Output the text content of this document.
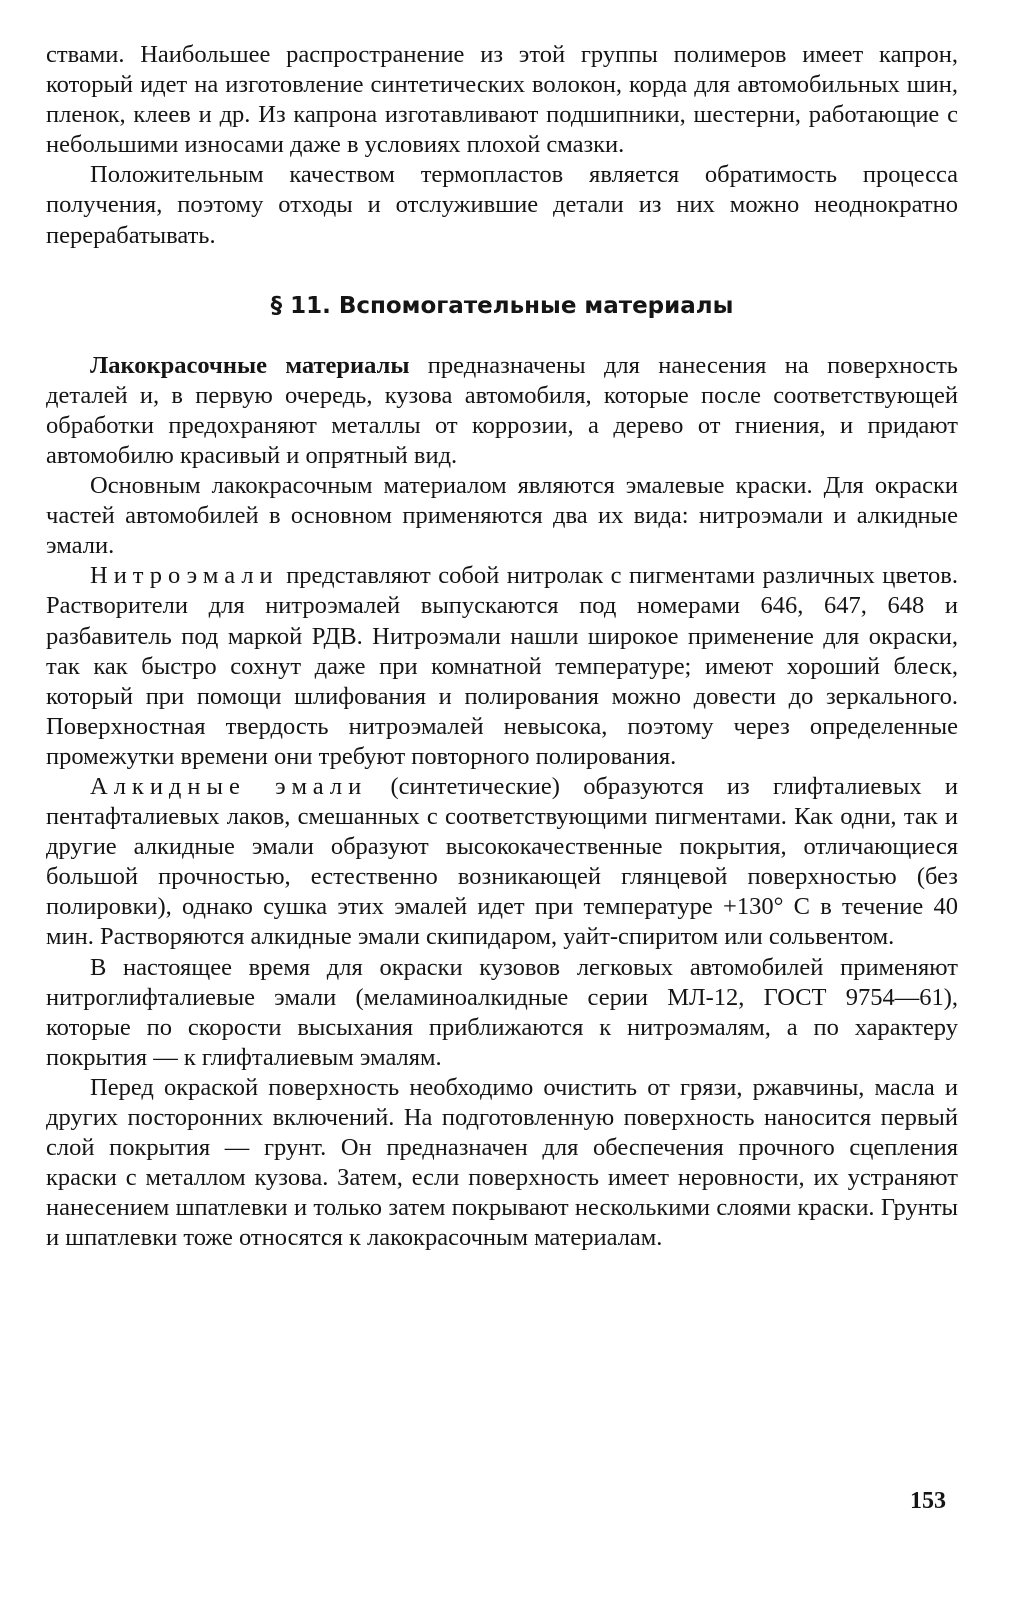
ствами. Наибольшее распространение из этой группы полимеров имеет капрон, который идет на изготовление синтетических волокон, корда для автомобильных шин, пленок, клеев и др. Из капрона изготавливают подшипники, шестерни, работающие с небольшими износами даже в условиях плохой смазки.

Положительным качеством термопластов является обратимость процесса получения, поэтому отходы и отслужившие детали из них можно неоднократно перерабатывать.

§ 11. Вспомогательные материалы

Лакокрасочные материалы предназначены для нанесения на поверхность деталей и, в первую очередь, кузова автомобиля, которые после соответствующей обработки предохраняют металлы от коррозии, а дерево от гниения, и придают автомобилю красивый и опрятный вид.

Основным лакокрасочным материалом являются эмалевые краски. Для окраски частей автомобилей в основном применяются два их вида: нитроэмали и алкидные эмали.

Нитроэмали представляют собой нитролак с пигментами различных цветов. Растворители для нитроэмалей выпускаются под номерами 646, 647, 648 и разбавитель под маркой РДВ. Нитроэмали нашли широкое применение для окраски, так как быстро сохнут даже при комнатной температуре; имеют хороший блеск, который при помощи шлифования и полирования можно довести до зеркального. Поверхностная твердость нитроэмалей невысока, поэтому через определенные промежутки времени они требуют повторного полирования.

Алкидные эмали (синтетические) образуются из глифталиевых и пентафталиевых лаков, смешанных с соответствующими пигментами. Как одни, так и другие алкидные эмали образуют высококачественные покрытия, отличающиеся большой прочностью, естественно возникающей глянцевой поверхностью (без полировки), однако сушка этих эмалей идет при температуре +130° С в течение 40 мин. Растворяются алкидные эмали скипидаром, уайт-спиритом или сольвентом.

В настоящее время для окраски кузовов легковых автомобилей применяют нитроглифталиевые эмали (меламиноалкидные серии МЛ-12, ГОСТ 9754—61), которые по скорости высыхания приближаются к нитроэмалям, а по характеру покрытия — к глифталиевым эмалям.

Перед окраской поверхность необходимо очистить от грязи, ржавчины, масла и других посторонних включений. На подготовленную поверхность наносится первый слой покрытия — грунт. Он предназначен для обеспечения прочного сцепления краски с металлом кузова. Затем, если поверхность имеет неровности, их устраняют нанесением шпатлевки и только затем покрывают несколькими слоями краски. Грунты и шпатлевки тоже относятся к лакокрасочным материалам.

153
